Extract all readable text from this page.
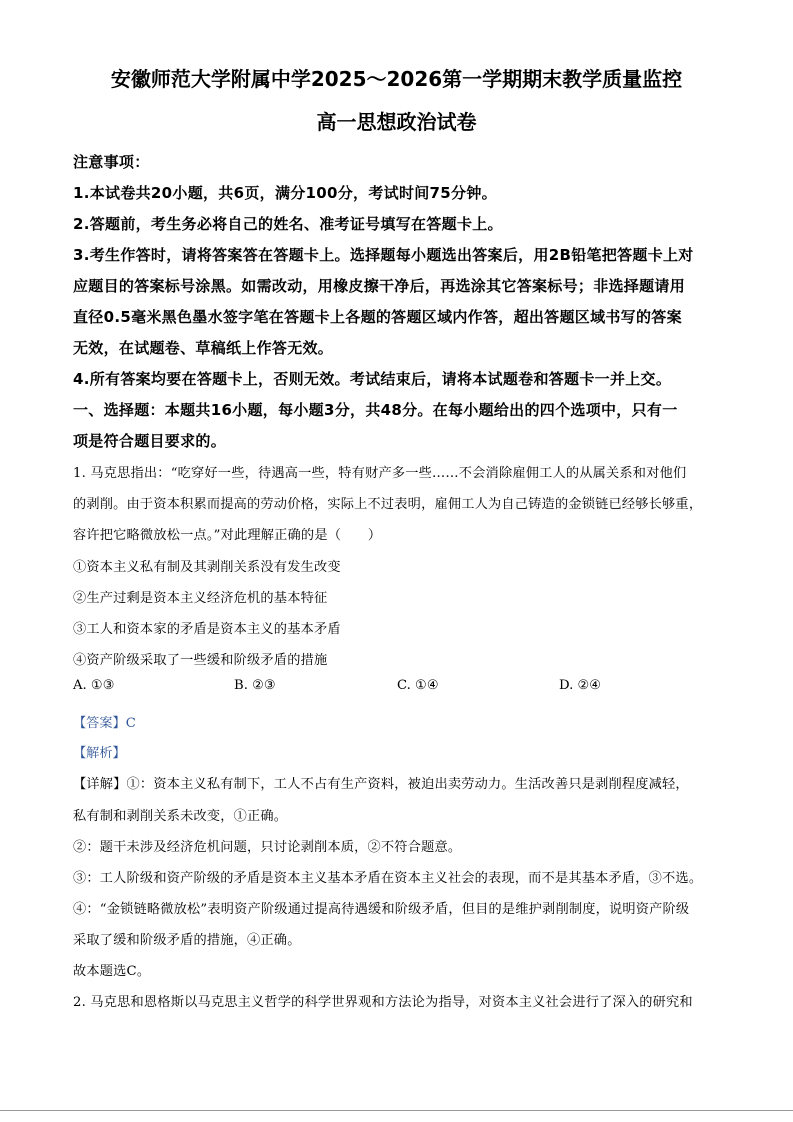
安徽师范大学附属中学2025～2026第一学期期末教学质量监控
高一思想政治试卷
注意事项：
1.本试卷共20小题，共6页，满分100分，考试时间75分钟。
2.答题前，考生务必将自己的姓名、准考证号填写在答题卡上。
3.考生作答时，请将答案答在答题卡上。选择题每小题选出答案后，用2B铅笔把答题卡上对
应题目的答案标号涂黑。如需改动，用橡皮擦干净后，再选涂其它答案标号；非选择题请用
直径0.5毫米黑色墨水签字笔在答题卡上各题的答题区域内作答，超出答题区域书写的答案
无效，在试题卷、草稿纸上作答无效。
4.所有答案均要在答题卡上，否则无效。考试结束后，请将本试题卷和答题卡一并上交。
一、选择题：本题共16小题，每小题3分，共48分。在每小题给出的四个选项中，只有一
项是符合题目要求的。
1. 马克思指出：“吃穿好一些，待遇高一些，特有财产多一些……不会消除雇佣工人的从属关系和对他们
的剥削。由于资本积累而提高的劳动价格，实际上不过表明，雇佣工人为自己铸造的金锁链已经够长够重，
容许把它略微放松一点。”对此理解正确的是（　　）
①资本主义私有制及其剥削关系没有发生改变
②生产过剩是资本主义经济危机的基本特征
③工人和资本家的矛盾是资本主义的基本矛盾
④资产阶级采取了一些缓和阶级矛盾的措施
A. ①③	B. ②③	C. ①④	D. ②④
【答案】C
【解析】
【详解】①：资本主义私有制下，工人不占有生产资料，被迫出卖劳动力。生活改善只是剥削程度减轻，
私有制和剥削关系未改变，①正确。
②：题干未涉及经济危机问题，只讨论剥削本质，②不符合题意。
③：工人阶级和资产阶级的矛盾是资本主义基本矛盾在资本主义社会的表现，而不是其基本矛盾，③不选。
④：“金锁链略微放松”表明资产阶级通过提高待遇缓和阶级矛盾，但目的是维护剥削制度，说明资产阶级
采取了缓和阶级矛盾的措施，④正确。
故本题选C。
2. 马克思和恩格斯以马克思主义哲学的科学世界观和方法论为指导，对资本主义社会进行了深入的研究和
